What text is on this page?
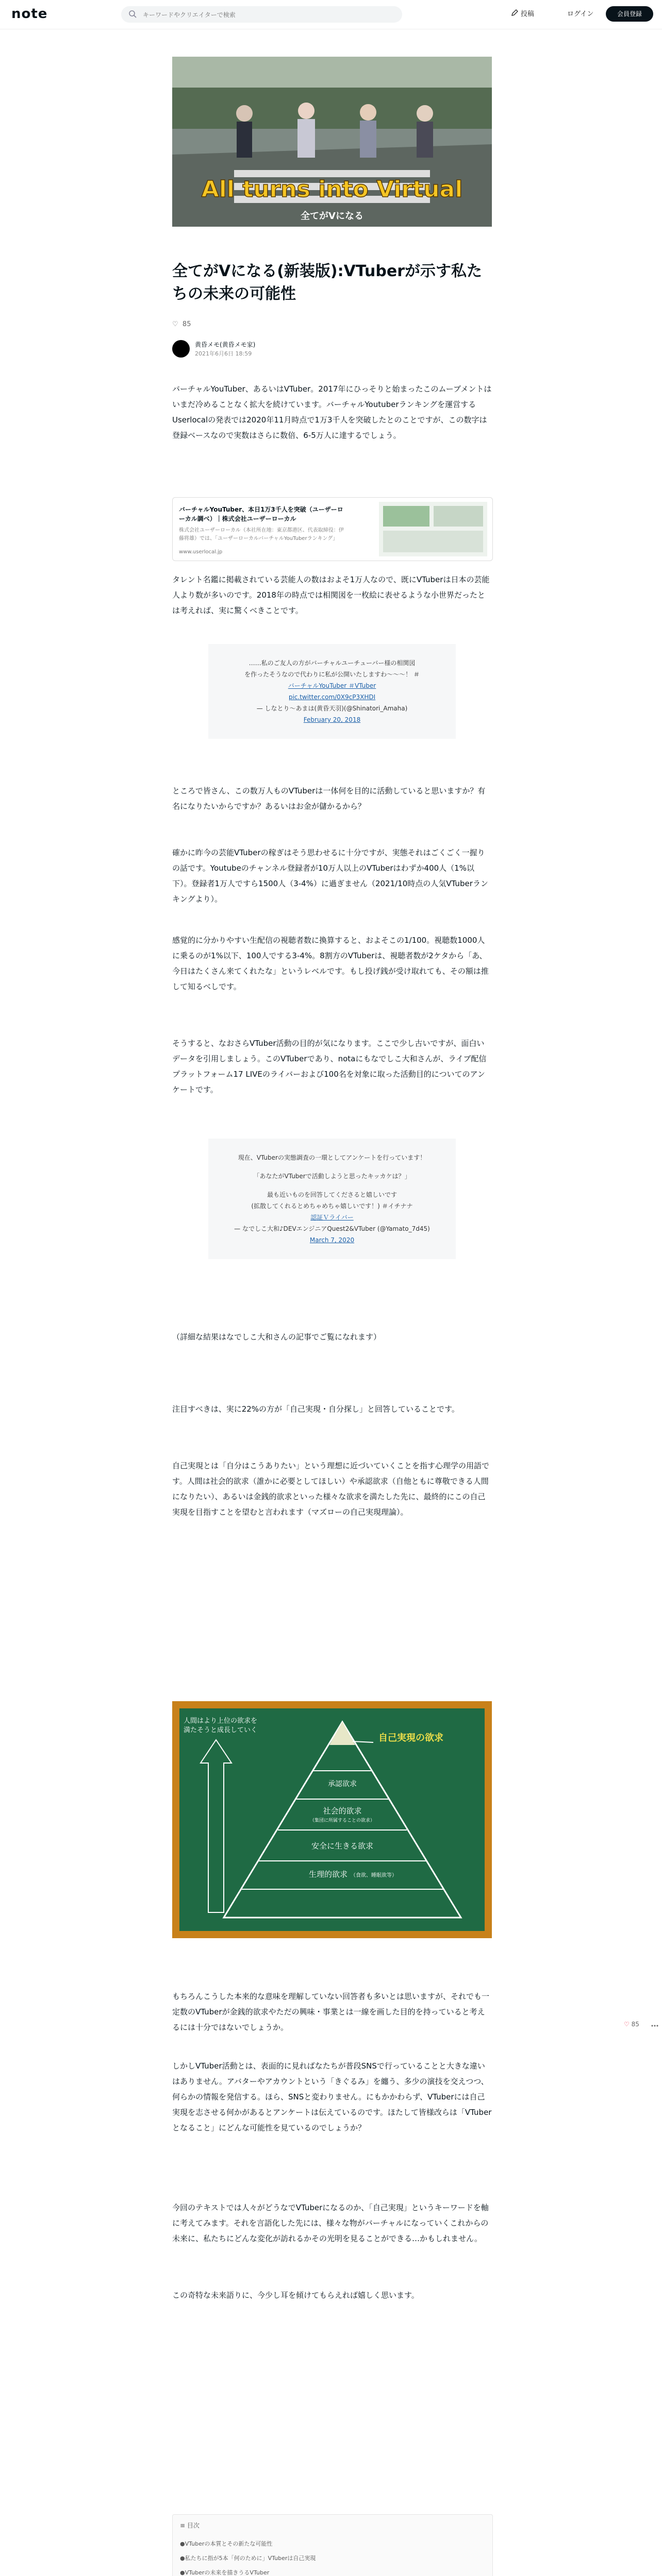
note
キーワードやクリエイターで検索	投稿	ログイン	会員登録
All turns into Virtual
全てがVになる
全てがVになる(新装版):VTuberが示す私たちの未来の可能性
♡ 85
黄昏メモ(黄昏メモ家)
2021年6月6日 18:59

バーチャルYouTuber、あるいはVTuber。2017年にひっそりと始まったこのムーブメントはいまだ冷めることなく拡大を続けています。バーチャルYoutuberランキングを運営するUserlocalの発表では2020年11月時点で1万3千人を突破したとのことですが、この数字は登録ベースなので実数はさらに数倍、6-5万人に達するでしょう。

バーチャルYouTuber、本日1万3千人を突破（ユーザーローカル調べ）｜株式会社ユーザーローカル
株式会社ユーザーローカル（本社所在地：東京都港区、代表取締役：伊藤将雄）では、「ユーザーローカルバーチャルYouTuberランキング」
www.userlocal.jp

タレント名鑑に掲載されている芸能人の数はおよそ1万人なので、既にVTuberは日本の芸能人より数が多いのです。2018年の時点では相関図を一枚絵に表せるような小世界だったとは考えれば、実に驚くべきことです。

……私のご友人の方がバーチャルユーチューバー様の相関図
を作ったそうなので代わりに私が公開いたしますわ〜〜〜！ ＃
バーチャルYouTuber ＃VTuber
pic.twitter.com/0X9cP3XHDI
— しなとり〜あまは(黄昏天羽)(@Shinatori_Amaha)
February 20, 2018

ところで皆さん、この数万人ものVTuberは一体何を目的に活動していると思いますか？有名になりたいからですか？あるいはお金が儲かるから？

確かに昨今の芸能VTuberの稼ぎはそう思わせるに十分ですが、実態それはごくごく一握りの話です。Youtubeのチャンネル登録者が10万人以上のVTuberはわずか400人（1%以下）。登録者1万人ですら1500人（3-4%）に過ぎません（2021/10時点の人気VTuberランキングより）。

感覚的に分かりやすい生配信の視聴者数に換算すると、およそこの1/100。視聴数1000人に乗るのが1%以下、100人でする3-4%。8割方のVTuberは、視聴者数が2ケタから「あ、今日はたくさん来てくれたな」というレベルです。もし投げ銭が受け取れても、その額は推して知るべしです。

そうすると、なおさらVTuber活動の目的が気になります。ここで少し古いですが、面白いデータを引用しましょう。このVTuberであり、notaにもなでしこ大和さんが、ライブ配信プラットフォーム17 LIVEのライバーおよび100名を対象に取った活動目的についてのアンケートです。

現在、VTuberの実態調査の一環としてアンケートを行っています！
「あなたがVTuberで活動しようと思ったキッカケは？」
最も近いものを回答してくださると嬉しいです
(拡散してくれるとめちゃめちゃ嬉しいです！) ＃イチナナ
認証Ｖライバー
— なでしこ大和♪DEVエンジニアQuest2&VTuber (@Yamato_7d45)
March 7, 2020

（詳細な結果はなでしこ大和さんの記事でご覧になれます）

注目すべきは、実に22%の方が「自己実現・自分探し」と回答していることです。

自己実現とは「自分はこうありたい」という理想に近づいていくことを指す心理学の用語です。人間は社会的欲求（誰かに必要としてほしい）や承認欲求（自他ともに尊敬できる人間になりたい）、あるいは金銭的欲求といった様々な欲求を満たした先に、最終的にこの自己実現を目指すことを望むと言われます（マズローの自己実現理論）。

人間はより上位の欲求を満たそうと成長していく
自己実現の欲求
承認欲求
社会的欲求
（集団に所属することの欲求）
安全に生きる欲求
生理的欲求 （食欲、睡眠欲等）

もちろんこうした本来的な意味を理解していない回答者も多いとは思いますが、それでも一定数のVTuberが金銭的欲求やただの興味・事業とは一線を画した目的を持っていると考えるには十分ではないでしょうか。

しかしVTuber活動とは、表面的に見ればなたちが普段SNSで行っていることと大きな違いはありません。アバターやアカウントという「きぐるみ」を纏う、多少の演技を交えつつ、何らかの情報を発信する。ほら、SNSと変わりません。にもかかわらず、VTuberには自己実現を志させる何かがあるとアンケートは伝えているのです。ほたして皆様改らは「VTuberとなること」にどんな可能性を見ているのでしょうか？

今回のテキストでは人々がどうなでVTuberになるのか、「自己実現」というキーワードを軸に考えてみます。それを言語化した先には、様々な物がバーチャルになっていくこれからの未来に、私たちにどんな変化が訪れるかその光明を見ることができる…かもしれません。

この奇特な未来語りに、今少し耳を傾けてもらえれば嬉しく思います。

≡ 目次
●VTuberの本質とその新たな可能性
●私たちに指が5本「何のために」VTuberは自己実現
●VTuberの未来を描きうるVTuber

♡ 85
